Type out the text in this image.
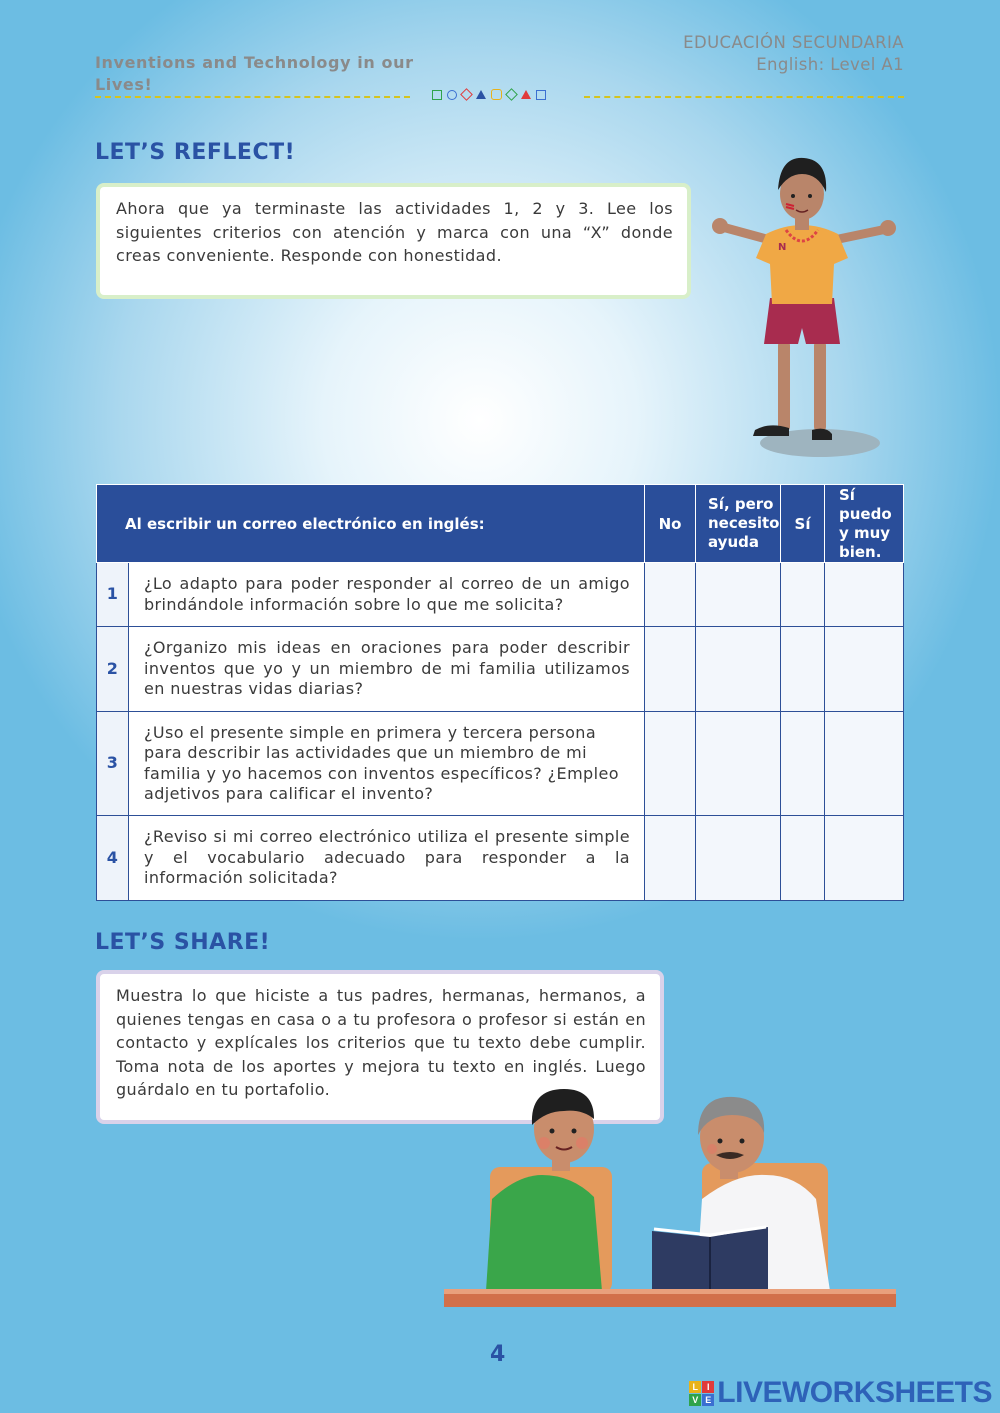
Inventions and Technology in our Lives!
EDUCACIÓN SECUNDARIA
English: Level A1
LET’S REFLECT!
Ahora que ya terminaste las actividades 1, 2 y 3. Lee los siguientes criterios con atención y marca con una “X” donde creas conveniente. Responde con honestidad.	N
Al escribir un correo electrónico en inglés:		No	Sí, pero necesito ayuda	Sí	Sí puedo y muy bien.
1	¿Lo adapto para poder responder al correo de un amigo brindándole información sobre lo que me solicita?				
2	¿Organizo mis ideas en oraciones para poder describir inventos que yo y un miembro de mi familia utilizamos en nuestras vidas diarias?				
3	¿Uso el presente simple en primera y tercera persona para describir las actividades que un miembro de mi familia y yo hacemos con inventos específicos? ¿Empleo adjetivos para calificar el invento?				
4	¿Reviso si mi correo electrónico utiliza el presente simple y el vocabulario adecuado para responder a la información solicitada?				
LET’S SHARE!
Muestra lo que hiciste a tus padres, hermanas, hermanos, a quienes tengas en casa o a tu profesora o profesor si están en contacto y explícales los criterios que tu texto debe cumplir. Toma nota de los aportes y mejora tu texto en inglés. Luego guárdalo en tu portafolio.
4
L I
V E LIVEWORKSHEETS
